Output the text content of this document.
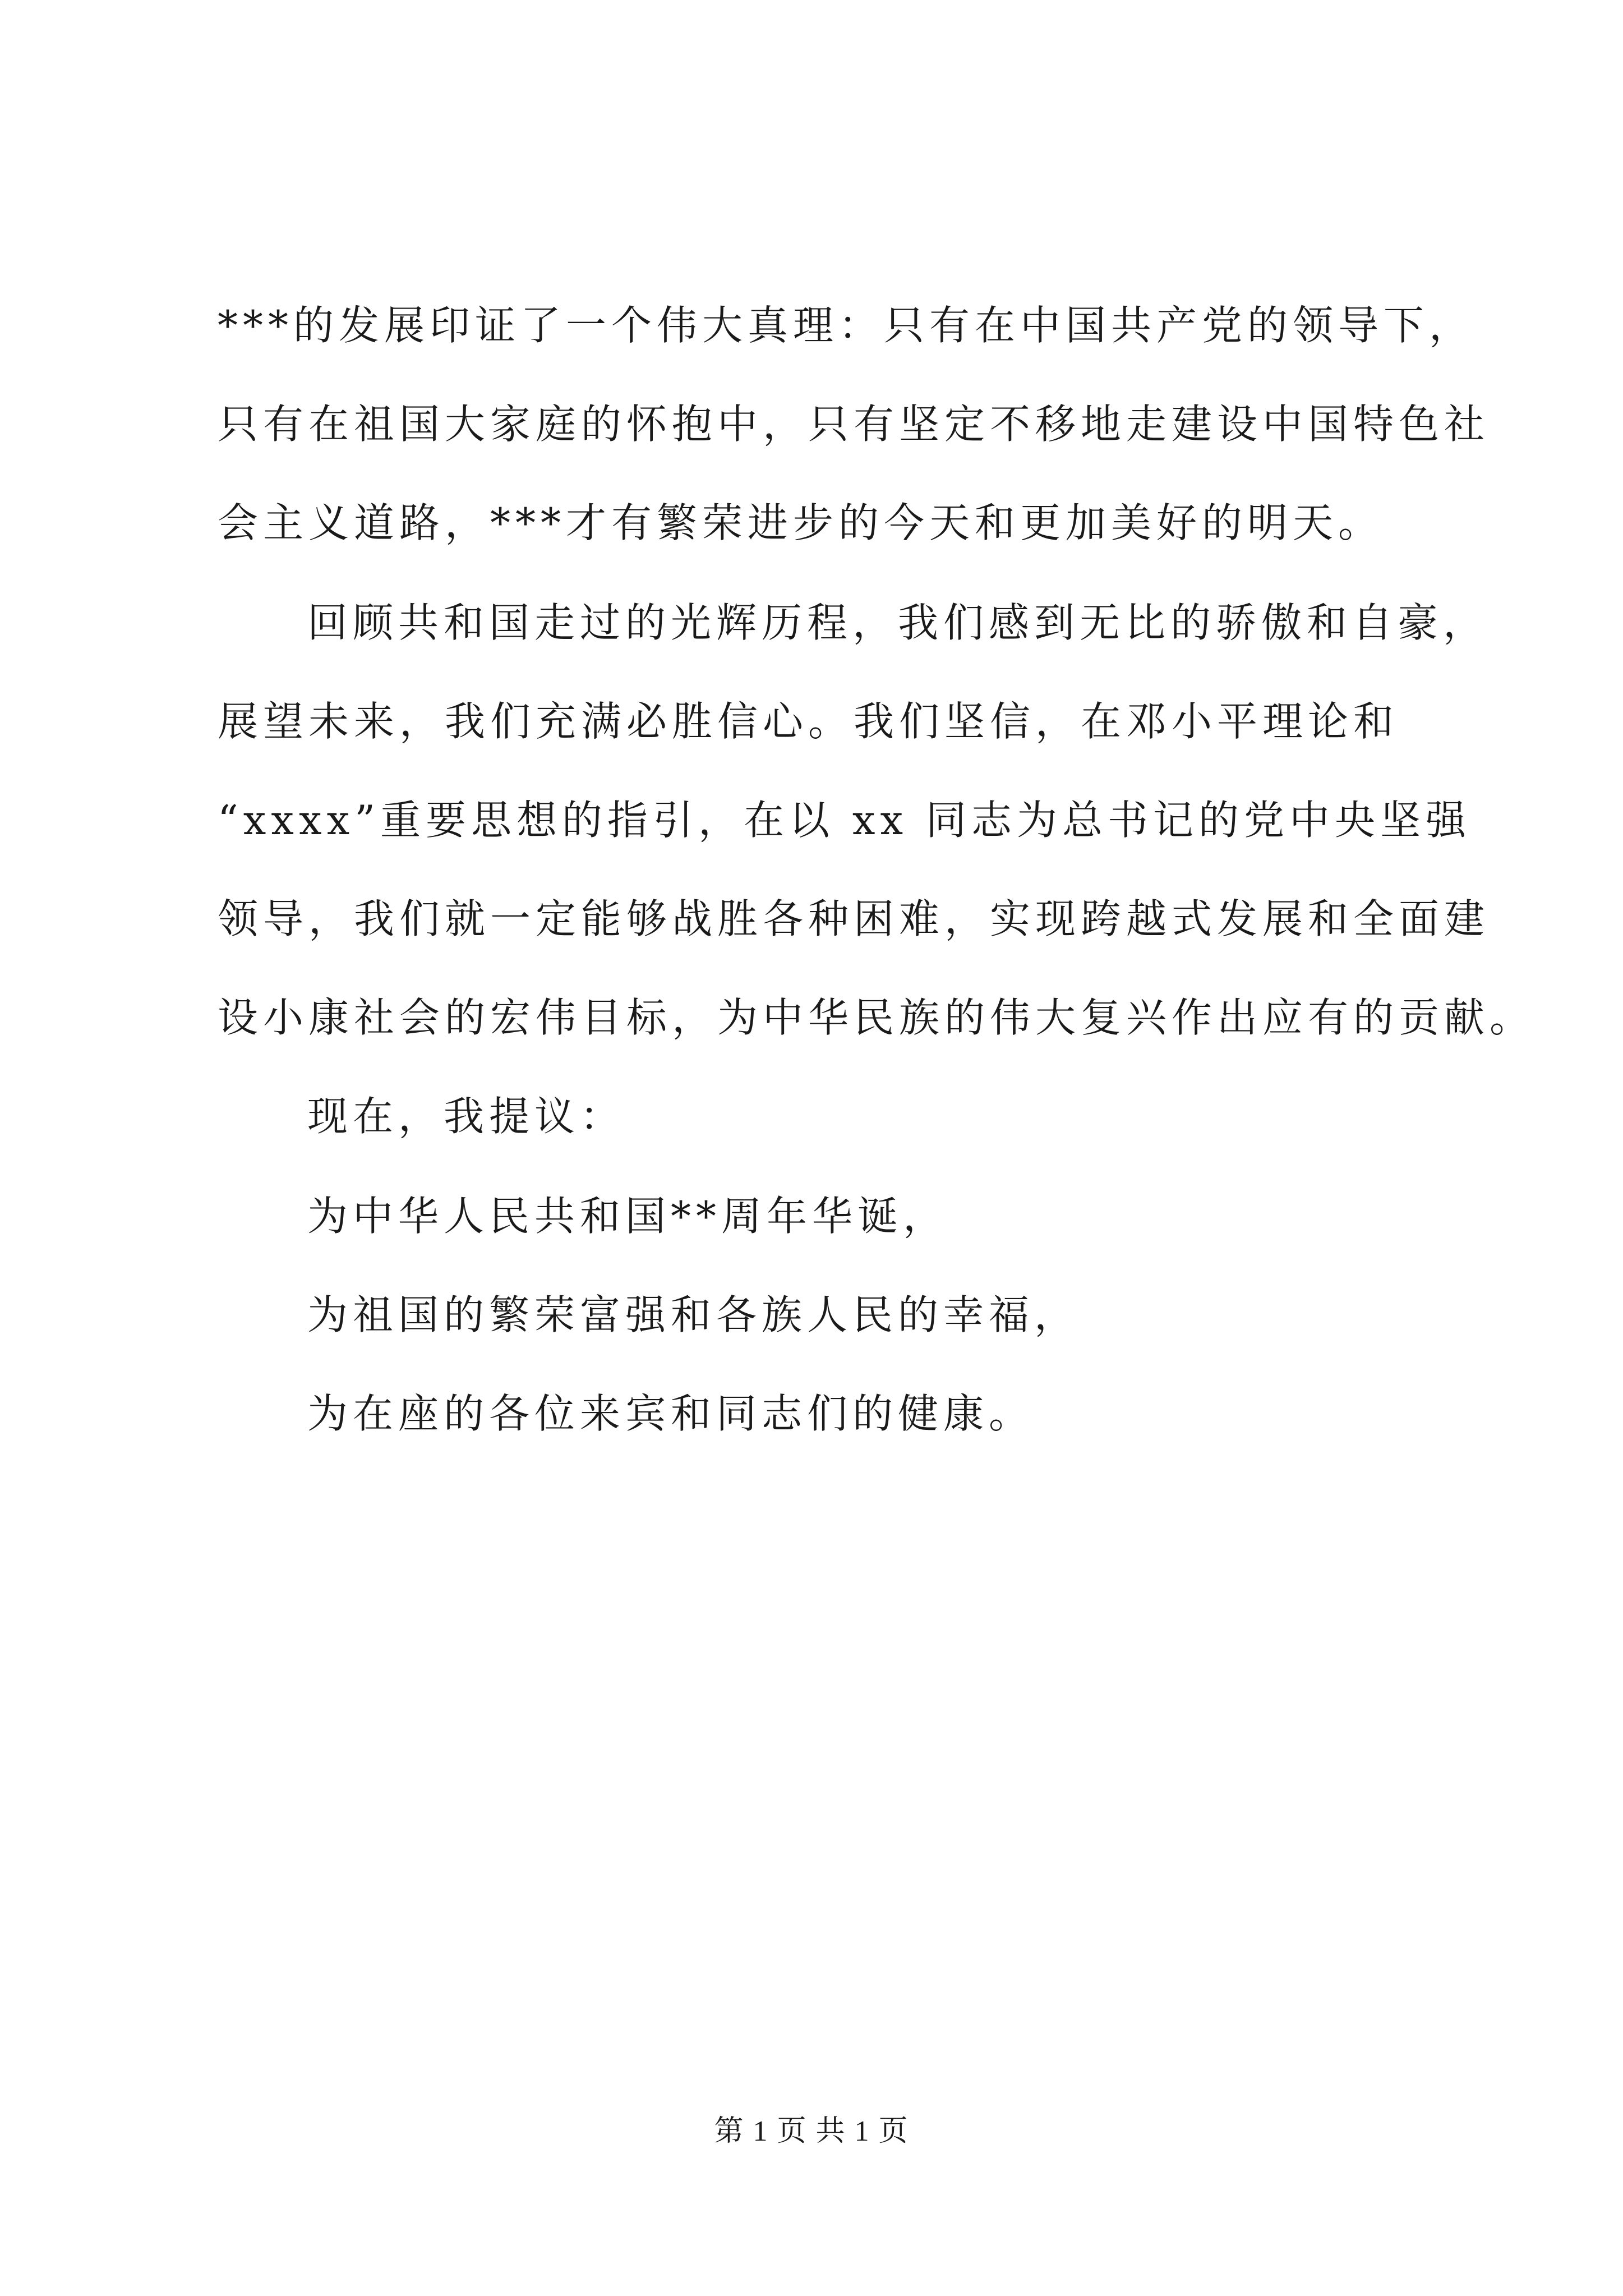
***的发展印证了一个伟大真理：只有在中国共产党的领导下，
只有在祖国大家庭的怀抱中，只有坚定不移地走建设中国特色社
会主义道路，***才有繁荣进步的今天和更加美好的明天。
回顾共和国走过的光辉历程，我们感到无比的骄傲和自豪，
展望未来，我们充满必胜信心。我们坚信，在邓小平理论和
“xxxx”重要思想的指引，在以 xx 同志为总书记的党中央坚强
领导，我们就一定能够战胜各种困难，实现跨越式发展和全面建
设小康社会的宏伟目标，为中华民族的伟大复兴作出应有的贡献。
现在，我提议：
为中华人民共和国**周年华诞，
为祖国的繁荣富强和各族人民的幸福，
为在座的各位来宾和同志们的健康。
第 1 页 共 1 页
